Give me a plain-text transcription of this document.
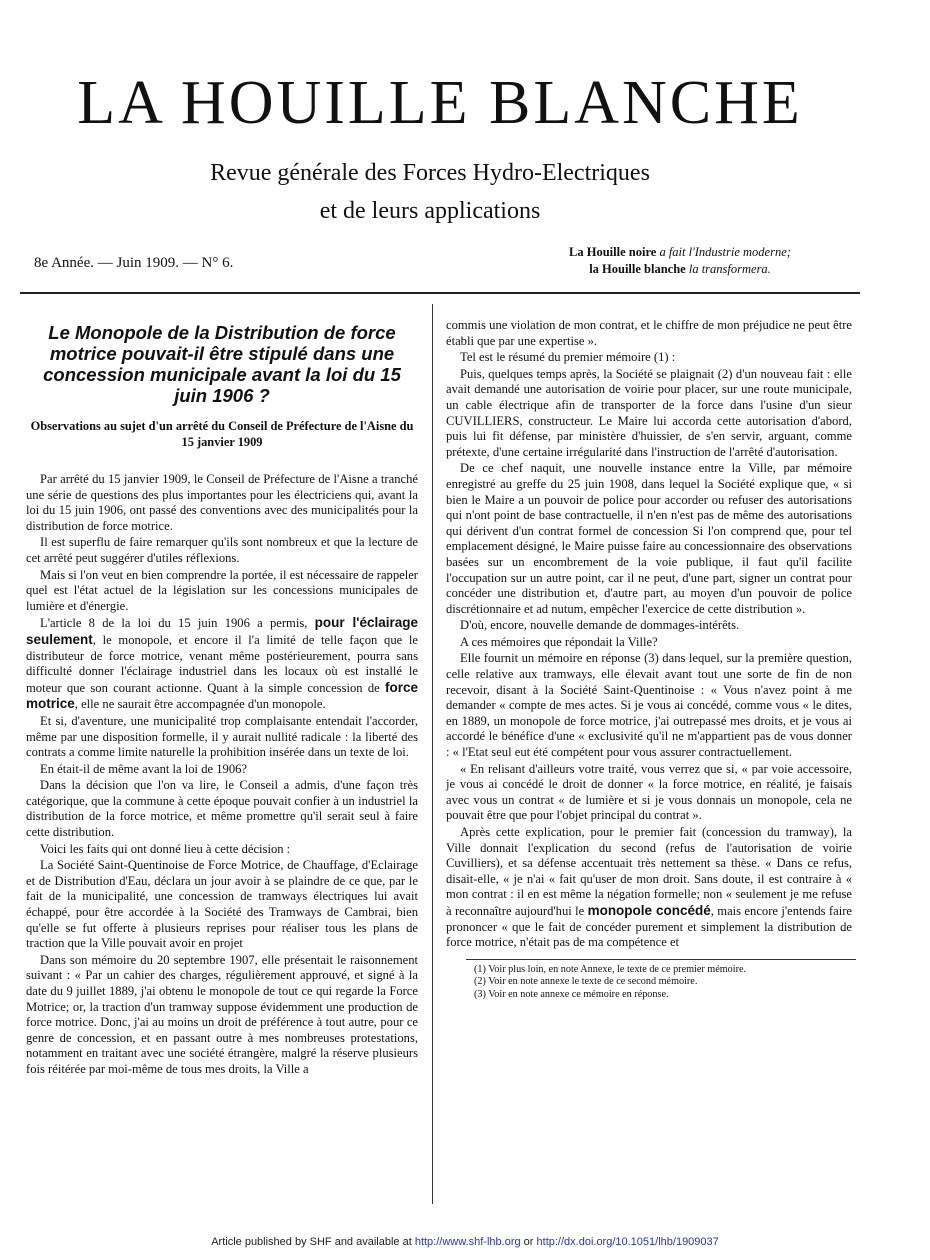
LA HOUILLE BLANCHE
Revue générale des Forces Hydro-Electriques
et de leurs applications
8e Année. — Juin 1909. — N° 6.
La Houille noire a fait l'Industrie moderne;
la Houille blanche la transformera.
Le Monopole de la Distribution de force motrice pouvait-il être stipulé dans une concession municipale avant la loi du 15 juin 1906 ?
Observations au sujet d'un arrêté du Conseil de Préfecture de l'Aisne du 15 janvier 1909

Par arrêté du 15 janvier 1909, le Conseil de Préfecture de l'Aisne a tranché une série de questions des plus importantes pour les électriciens qui, avant la loi du 15 juin 1906, ont passé des conventions avec des municipalités pour la distribution de force motrice.

Il est superflu de faire remarquer qu'ils sont nombreux et que la lecture de cet arrêté peut suggérer d'utiles réflexions.

Mais si l'on veut en bien comprendre la portée, il est nécessaire de rappeler quel est l'état actuel de la législation sur les concessions municipales de lumière et d'énergie.

L'article 8 de la loi du 15 juin 1906 a permis, pour l'éclairage seulement, le monopole, et encore il l'a limité de telle façon que le distributeur de force motrice, venant même postérieurement, pourra sans difficulté donner l'éclairage industriel dans les locaux où est installé le moteur que son courant actionne. Quant à la simple concession de force motrice, elle ne saurait être accompagnée d'un monopole.

Et si, d'aventure, une municipalité trop complaisante entendait l'accorder, même par une disposition formelle, il y aurait nullité radicale : la liberté des contrats a comme limite naturelle la prohibition insérée dans un texte de loi.

En était-il de même avant la loi de 1906?

Dans la décision que l'on va lire, le Conseil a admis, d'une façon très catégorique, que la commune à cette époque pouvait confier à un industriel la distribution de la force motrice, et même promettre qu'il serait seul à faire cette distribution.

Voici les faits qui ont donné lieu à cette décision :

La Société Saint-Quentinoise de Force Motrice, de Chauffage, d'Eclairage et de Distribution d'Eau, déclara un jour avoir à se plaindre de ce que, par le fait de la municipalité, une concession de tramways électriques lui avait échappé, pour être accordée à la Société des Tramways de Cambrai, bien qu'elle se fut offerte à plusieurs reprises pour réaliser tous les plans de traction que la Ville pouvait avoir en projet

Dans son mémoire du 20 septembre 1907, elle présentait le raisonnement suivant : « Par un cahier des charges, régulièrement approuvé, et signé à la date du 9 juillet 1889, j'ai obtenu le monopole de tout ce qui regarde la Force Motrice; or, la traction d'un tramway suppose évidemment une production de force motrice. Donc, j'ai au moins un droit de préférence à tout autre, pour ce genre de concession, et en passant outre à mes nombreuses protestations, notamment en traitant avec une société étrangère, malgré la réserve plusieurs fois réitérée par moi-même de tous mes droits, la Ville a

commis une violation de mon contrat, et le chiffre de mon préjudice ne peut être établi que par une expertise ».

Tel est le résumé du premier mémoire (1) :

Puis, quelques temps après, la Société se plaignait (2) d'un nouveau fait : elle avait demandé une autorisation de voirie pour placer, sur une route municipale, un cable électrique afin de transporter de la force dans l'usine d'un sieur CUVILLIERS, constructeur. Le Maire lui accorda cette autorisation d'abord, puis lui fit défense, par ministère d'huissier, de s'en servir, arguant, comme prétexte, d'une certaine irrégularité dans l'instruction de l'arrêté d'autorisation.

De ce chef naquit, une nouvelle instance entre la Ville, par mémoire enregistré au greffe du 25 juin 1908, dans lequel la Société explique que, « si bien le Maire a un pouvoir de police pour accorder ou refuser des autorisations qui n'ont point de base contractuelle, il n'en n'est pas de même des autorisations qui dérivent d'un contrat formel de concession Si l'on comprend que, pour tel emplacement désigné, le Maire puisse faire au concessionnaire des observations basées sur un encombrement de la voie publique, il faut qu'il facilite l'occupation sur un autre point, car il ne peut, d'une part, signer un contrat pour concéder une distribution et, d'autre part, au moyen d'un pouvoir de police discrétionnaire et ad nutum, empêcher l'exercice de cette distribution ».

D'où, encore, nouvelle demande de dommages-intérêts.

A ces mémoires que répondait la Ville?

Elle fournit un mémoire en réponse (3) dans lequel, sur la première question, celle relative aux tramways, elle élevait avant tout une sorte de fin de non recevoir, disant à la Société Saint-Quentinoise : « Vous n'avez point à me demander « compte de mes actes. Si je vous ai concédé, comme vous « le dites, en 1889, un monopole de force motrice, j'ai outrepassé mes droits, et je vous ai accordé le bénéfice d'une « exclusivité qu'il ne m'appartient pas de vous donner : « l'Etat seul eut été compétent pour vous assurer contractuellement.

« En relisant d'ailleurs votre traité, vous verrez que si, « par voie accessoire, je vous ai concédé le droit de donner « la force motrice, en réalité, je faisais avec vous un contrat « de lumière et si je vous donnais un monopole, cela ne pouvait être que pour l'objet principal du contrat ».

Après cette explication, pour le premier fait (concession du tramway), la Ville donnait l'explication du second (refus de l'autorisation de voirie Cuvilliers), et sa défense accentuait très nettement sa thèse. « Dans ce refus, disait-elle, « je n'ai « fait qu'user de mon droit. Sans doute, il est contraire à « mon contrat : il en est même la négation formelle; non « seulement je me refuse à reconnaître aujourd'hui le monopole concédé, mais encore j'entends faire prononcer « que le fait de concéder purement et simplement la distribution de force motrice, n'était pas de ma compétence et

(1) Voir plus loin, en note Annexe, le texte de ce premier mémoire.
(2) Voir en note annexe le texte de ce second mémoire.
(3) Voir en note annexe ce mémoire en réponse.
Article published by SHF and available at http://www.shf-lhb.org or http://dx.doi.org/10.1051/lhb/1909037
